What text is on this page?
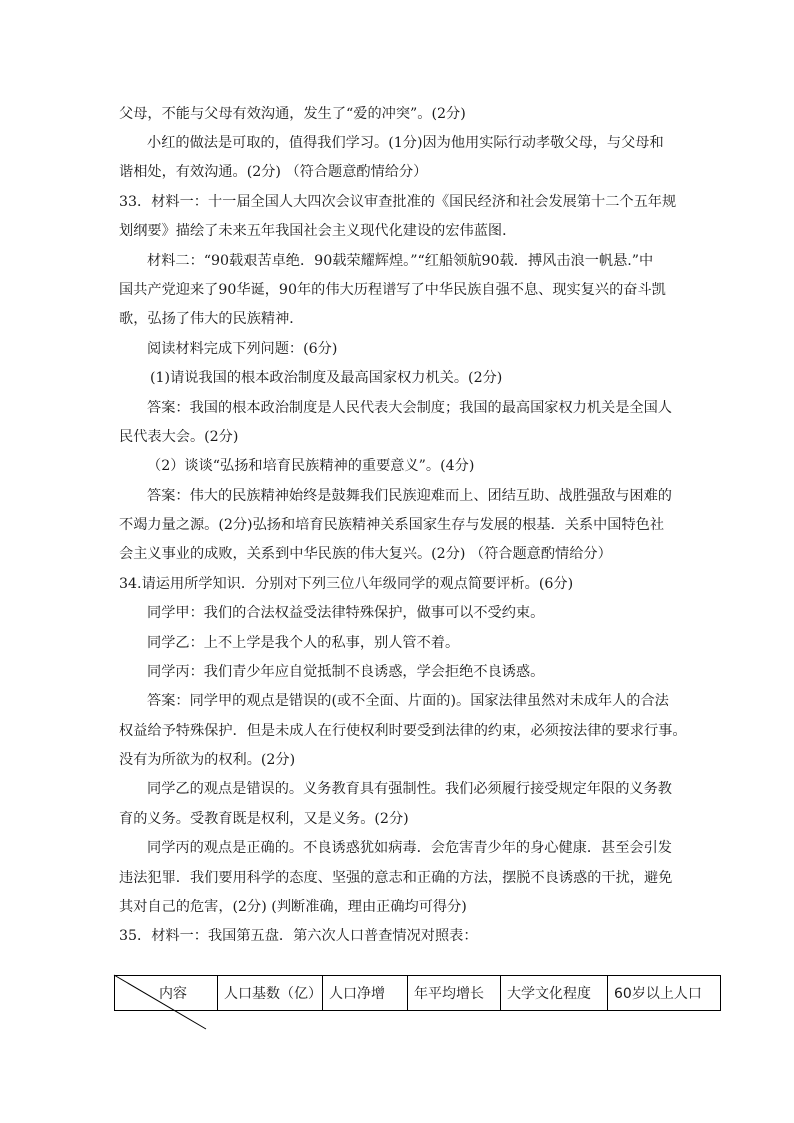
父母，不能与父母有效沟通，发生了“爱的冲突”。(2分)
小红的做法是可取的，值得我们学习。(1分)因为他用实际行动孝敬父母，与父母和
谐相处，有效沟通。(2分) （符合题意酌情给分）
33．材料一：十一届全国人大四次会议审查批准的《国民经济和社会发展第十二个五年规
划纲要》描绘了未来五年我国社会主义现代化建设的宏伟蓝图．
材料二：“90载艰苦卓绝．90载荣耀辉煌。”“红船领航90载．搏风击浪一帆悬.”中
国共产党迎来了90华诞，90年的伟大历程谱写了中华民族自强不息、现实复兴的奋斗凯
歌，弘扬了伟大的民族精神．
阅读材料完成下列问题：(6分)
(1)请说我国的根本政治制度及最高国家权力机关。(2分)
答案：我国的根本政治制度是人民代表大会制度；我国的最高国家权力机关是全国人
民代表大会。(2分)
（2）谈谈“弘扬和培育民族精神的重要意义”。(4分)
答案：伟大的民族精神始终是鼓舞我们民族迎难而上、团结互助、战胜强敌与困难的
不竭力量之源。(2分)弘扬和培育民族精神关系国家生存与发展的根基．关系中国特色社
会主义事业的成败，关系到中华民族的伟大复兴。(2分) （符合题意酌情给分）
34.请运用所学知识．分别对下列三位八年级同学的观点简要评析。(6分)
同学甲：我们的合法权益受法律特殊保护，做事可以不受约束。
同学乙：上不上学是我个人的私事，别人管不着。
同学丙：我们青少年应自觉抵制不良诱惑，学会拒绝不良诱惑。
答案：同学甲的观点是错误的(或不全面、片面的)。国家法律虽然对未成年人的合法
权益给予特殊保护．但是未成人在行使权利时要受到法律的约束，必须按法律的要求行事。
没有为所欲为的权利。(2分)
同学乙的观点是错误的。义务教育具有强制性。我们必须履行接受规定年限的义务教
育的义务。受教育既是权利，又是义务。(2分)
同学丙的观点是正确的。不良诱惑犹如病毒．会危害青少年的身心健康．甚至会引发
违法犯罪．我们要用科学的态度、坚强的意志和正确的方法，摆脱不良诱惑的干扰，避免
其对自己的危害，(2分) (判断准确，理由正确均可得分)
35．材料一：我国第五盘．第六次人口普查情况对照表：
内容	人口基数（亿）	人口净增	年平均增长	大学文化程度	60岁以上人口
